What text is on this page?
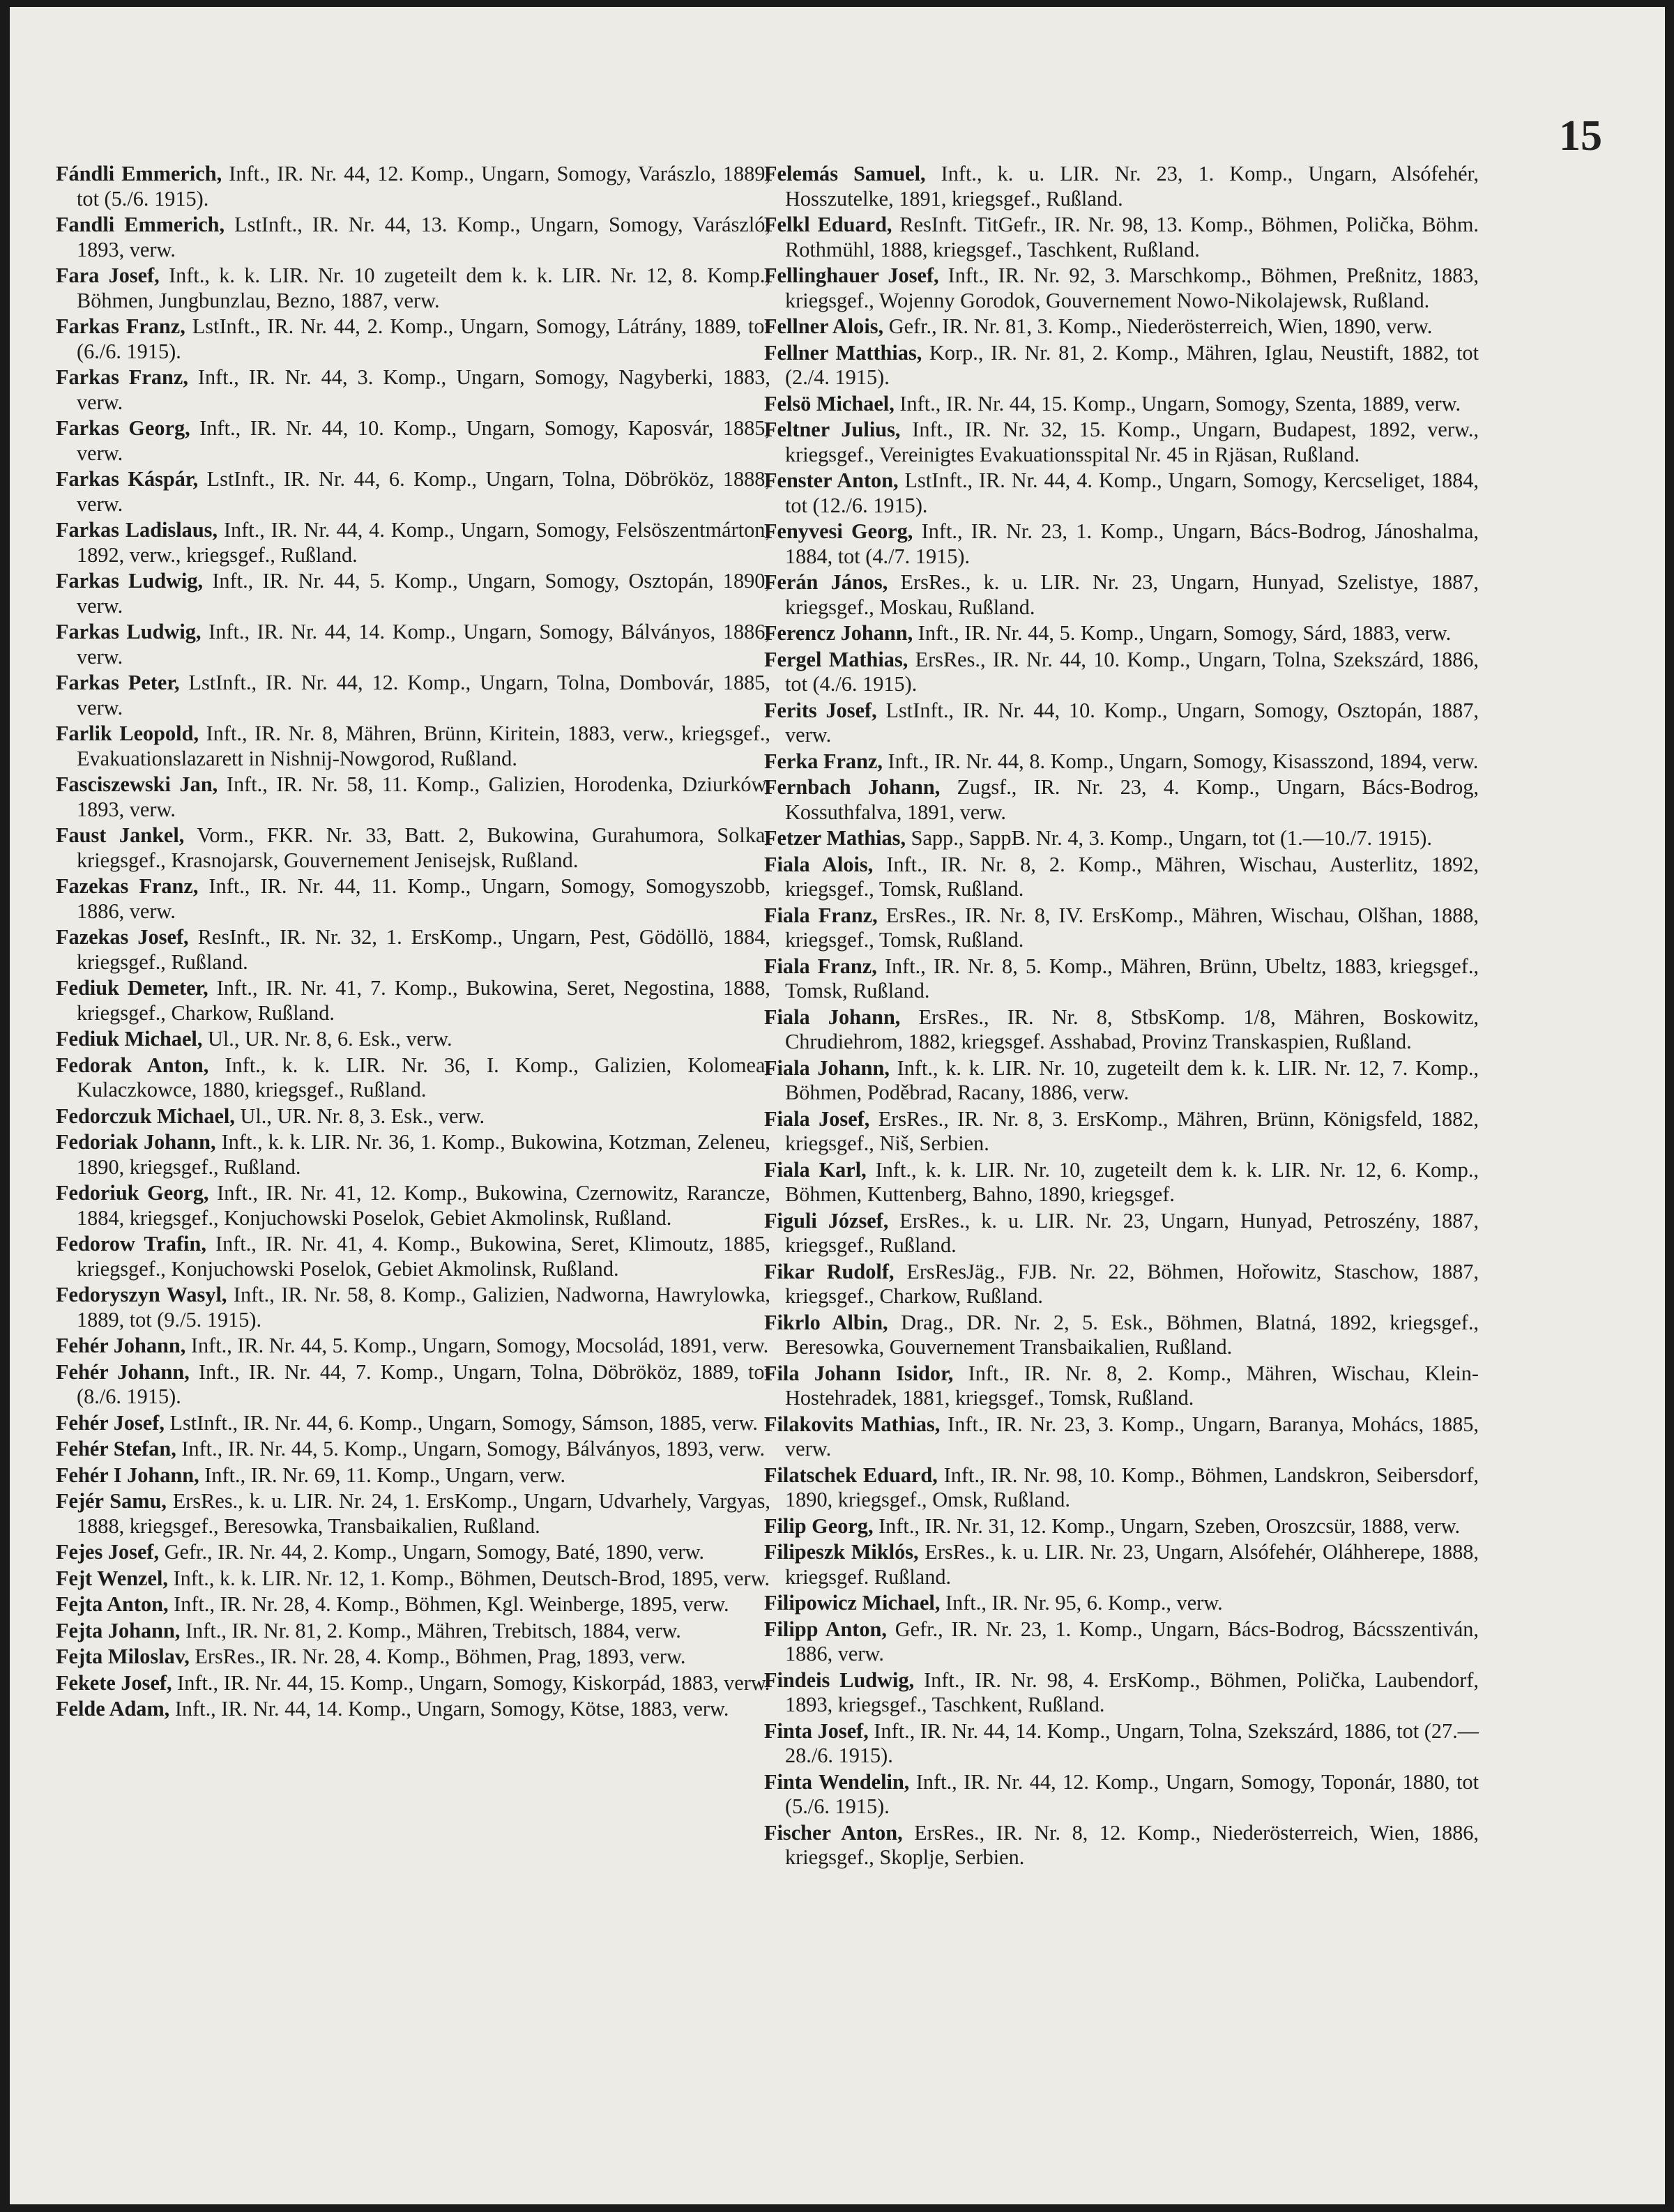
15
Fándli Emmerich, Inft., IR. Nr. 44, 12. Komp., Ungarn, Somogy, Varászlo, 1889, tot (5./6. 1915).
Fandli Emmerich, LstInft., IR. Nr. 44, 13. Komp., Ungarn, Somogy, Varászló, 1893, verw.
Fara Josef, Inft., k. k. LIR. Nr. 10 zugeteilt dem k. k. LIR. Nr. 12, 8. Komp., Böhmen, Jungbunzlau, Bezno, 1887, verw.
Farkas Franz, LstInft., IR. Nr. 44, 2. Komp., Ungarn, Somogy, Látrány, 1889, tot (6./6. 1915).
Farkas Franz, Inft., IR. Nr. 44, 3. Komp., Ungarn, Somogy, Nagyberki, 1883, verw.
Farkas Georg, Inft., IR. Nr. 44, 10. Komp., Ungarn, Somogy, Kaposvár, 1885, verw.
Farkas Káspár, LstInft., IR. Nr. 44, 6. Komp., Ungarn, Tolna, Döbrököz, 1888, verw.
Farkas Ladislaus, Inft., IR. Nr. 44, 4. Komp., Ungarn, Somogy, Felsöszentmárton, 1892, verw., kriegsgef., Rußland.
Farkas Ludwig, Inft., IR. Nr. 44, 5. Komp., Ungarn, Somogy, Osztopán, 1890, verw.
Farkas Ludwig, Inft., IR. Nr. 44, 14. Komp., Ungarn, Somogy, Bálványos, 1886, verw.
Farkas Peter, LstInft., IR. Nr. 44, 12. Komp., Ungarn, Tolna, Dombovár, 1885, verw.
Farlik Leopold, Inft., IR. Nr. 8, Mähren, Brünn, Kiritein, 1883, verw., kriegsgef., Evakuationslazarett in Nishnij-Nowgorod, Rußland.
Fasciszewski Jan, Inft., IR. Nr. 58, 11. Komp., Galizien, Horodenka, Dziurków, 1893, verw.
Faust Jankel, Vorm., FKR. Nr. 33, Batt. 2, Bukowina, Gurahumora, Solka, kriegsgef., Krasnojarsk, Gouvernement Jenisejsk, Rußland.
Fazekas Franz, Inft., IR. Nr. 44, 11. Komp., Ungarn, Somogy, Somogyszobb, 1886, verw.
Fazekas Josef, ResInft., IR. Nr. 32, 1. ErsKomp., Ungarn, Pest, Gödöllö, 1884, kriegsgef., Rußland.
Fediuk Demeter, Inft., IR. Nr. 41, 7. Komp., Bukowina, Seret, Negostina, 1888, kriegsgef., Charkow, Rußland.
Fediuk Michael, Ul., UR. Nr. 8, 6. Esk., verw.
Fedorak Anton, Inft., k. k. LIR. Nr. 36, I. Komp., Galizien, Kolomea, Kulaczkowce, 1880, kriegsgef., Rußland.
Fedorczuk Michael, Ul., UR. Nr. 8, 3. Esk., verw.
Fedoriak Johann, Inft., k. k. LIR. Nr. 36, 1. Komp., Bukowina, Kotzman, Zeleneu, 1890, kriegsgef., Rußland.
Fedoriuk Georg, Inft., IR. Nr. 41, 12. Komp., Bukowina, Czernowitz, Rarancze, 1884, kriegsgef., Konjuchowski Poselok, Gebiet Akmolinsk, Rußland.
Fedorow Trafin, Inft., IR. Nr. 41, 4. Komp., Bukowina, Seret, Klimoutz, 1885, kriegsgef., Konjuchowski Poselok, Gebiet Akmolinsk, Rußland.
Fedoryszyn Wasyl, Inft., IR. Nr. 58, 8. Komp., Galizien, Nadworna, Hawrylowka, 1889, tot (9./5. 1915).
Fehér Johann, Inft., IR. Nr. 44, 5. Komp., Ungarn, Somogy, Mocsolád, 1891, verw.
Fehér Johann, Inft., IR. Nr. 44, 7. Komp., Ungarn, Tolna, Döbrököz, 1889, tot (8./6. 1915).
Fehér Josef, LstInft., IR. Nr. 44, 6. Komp., Ungarn, Somogy, Sámson, 1885, verw.
Fehér Stefan, Inft., IR. Nr. 44, 5. Komp., Ungarn, Somogy, Bálványos, 1893, verw.
Fehér I Johann, Inft., IR. Nr. 69, 11. Komp., Ungarn, verw.
Fejér Samu, ErsRes., k. u. LIR. Nr. 24, 1. ErsKomp., Ungarn, Udvarhely, Vargyas, 1888, kriegsgef., Beresowka, Transbaikalien, Rußland.
Fejes Josef, Gefr., IR. Nr. 44, 2. Komp., Ungarn, Somogy, Baté, 1890, verw.
Fejt Wenzel, Inft., k. k. LIR. Nr. 12, 1. Komp., Böhmen, Deutsch-Brod, 1895, verw.
Fejta Anton, Inft., IR. Nr. 28, 4. Komp., Böhmen, Kgl. Weinberge, 1895, verw.
Fejta Johann, Inft., IR. Nr. 81, 2. Komp., Mähren, Trebitsch, 1884, verw.
Fejta Miloslav, ErsRes., IR. Nr. 28, 4. Komp., Böhmen, Prag, 1893, verw.
Fekete Josef, Inft., IR. Nr. 44, 15. Komp., Ungarn, Somogy, Kiskorpád, 1883, verw.
Felde Adam, Inft., IR. Nr. 44, 14. Komp., Ungarn, Somogy, Kötse, 1883, verw.
Felemás Samuel, Inft., k. u. LIR. Nr. 23, 1. Komp., Ungarn, Alsófehér, Hosszutelke, 1891, kriegsgef., Rußland.
Felkl Eduard, ResInft. TitGefr., IR. Nr. 98, 13. Komp., Böhmen, Polička, Böhm. Rothmühl, 1888, kriegsgef., Taschkent, Rußland.
Fellinghauer Josef, Inft., IR. Nr. 92, 3. Marschkomp., Böhmen, Preßnitz, 1883, kriegsgef., Wojenny Gorodok, Gouvernement Nowo-Nikolajewsk, Rußland.
Fellner Alois, Gefr., IR. Nr. 81, 3. Komp., Niederösterreich, Wien, 1890, verw.
Fellner Matthias, Korp., IR. Nr. 81, 2. Komp., Mähren, Iglau, Neustift, 1882, tot (2./4. 1915).
Felsö Michael, Inft., IR. Nr. 44, 15. Komp., Ungarn, Somogy, Szenta, 1889, verw.
Feltner Julius, Inft., IR. Nr. 32, 15. Komp., Ungarn, Budapest, 1892, verw., kriegsgef., Vereinigtes Evakuationsspital Nr. 45 in Rjäsan, Rußland.
Fenster Anton, LstInft., IR. Nr. 44, 4. Komp., Ungarn, Somogy, Kercseliget, 1884, tot (12./6. 1915).
Fenyvesi Georg, Inft., IR. Nr. 23, 1. Komp., Ungarn, Bács-Bodrog, Jánoshalma, 1884, tot (4./7. 1915).
Ferán János, ErsRes., k. u. LIR. Nr. 23, Ungarn, Hunyad, Szelistye, 1887, kriegsgef., Moskau, Rußland.
Ferencz Johann, Inft., IR. Nr. 44, 5. Komp., Ungarn, Somogy, Sárd, 1883, verw.
Fergel Mathias, ErsRes., IR. Nr. 44, 10. Komp., Ungarn, Tolna, Szekszárd, 1886, tot (4./6. 1915).
Ferits Josef, LstInft., IR. Nr. 44, 10. Komp., Ungarn, Somogy, Osztopán, 1887, verw.
Ferka Franz, Inft., IR. Nr. 44, 8. Komp., Ungarn, Somogy, Kisasszond, 1894, verw.
Fernbach Johann, Zugsf., IR. Nr. 23, 4. Komp., Ungarn, Bács-Bodrog, Kossuthfalva, 1891, verw.
Fetzer Mathias, Sapp., SappB. Nr. 4, 3. Komp., Ungarn, tot (1.—10./7. 1915).
Fiala Alois, Inft., IR. Nr. 8, 2. Komp., Mähren, Wischau, Austerlitz, 1892, kriegsgef., Tomsk, Rußland.
Fiala Franz, ErsRes., IR. Nr. 8, IV. ErsKomp., Mähren, Wischau, Olšhan, 1888, kriegsgef., Tomsk, Rußland.
Fiala Franz, Inft., IR. Nr. 8, 5. Komp., Mähren, Brünn, Ubeltz, 1883, kriegsgef., Tomsk, Rußland.
Fiala Johann, ErsRes., IR. Nr. 8, StbsKomp. 1/8, Mähren, Boskowitz, Chrudiehrom, 1882, kriegsgef. Asshabad, Provinz Transkaspien, Rußland.
Fiala Johann, Inft., k. k. LIR. Nr. 10, zugeteilt dem k. k. LIR. Nr. 12, 7. Komp., Böhmen, Poděbrad, Racany, 1886, verw.
Fiala Josef, ErsRes., IR. Nr. 8, 3. ErsKomp., Mähren, Brünn, Königsfeld, 1882, kriegsgef., Niš, Serbien.
Fiala Karl, Inft., k. k. LIR. Nr. 10, zugeteilt dem k. k. LIR. Nr. 12, 6. Komp., Böhmen, Kuttenberg, Bahno, 1890, kriegsgef.
Figuli József, ErsRes., k. u. LIR. Nr. 23, Ungarn, Hunyad, Petroszény, 1887, kriegsgef., Rußland.
Fikar Rudolf, ErsResJäg., FJB. Nr. 22, Böhmen, Hořowitz, Staschow, 1887, kriegsgef., Charkow, Rußland.
Fikrlo Albin, Drag., DR. Nr. 2, 5. Esk., Böhmen, Blatná, 1892, kriegsgef., Beresowka, Gouvernement Transbaikalien, Rußland.
Fila Johann Isidor, Inft., IR. Nr. 8, 2. Komp., Mähren, Wischau, Klein-Hostehradek, 1881, kriegsgef., Tomsk, Rußland.
Filakovits Mathias, Inft., IR. Nr. 23, 3. Komp., Ungarn, Baranya, Mohács, 1885, verw.
Filatschek Eduard, Inft., IR. Nr. 98, 10. Komp., Böhmen, Landskron, Seibersdorf, 1890, kriegsgef., Omsk, Rußland.
Filip Georg, Inft., IR. Nr. 31, 12. Komp., Ungarn, Szeben, Oroszcsür, 1888, verw.
Filipeszk Miklós, ErsRes., k. u. LIR. Nr. 23, Ungarn, Alsófehér, Oláhherepe, 1888, kriegsgef. Rußland.
Filipowicz Michael, Inft., IR. Nr. 95, 6. Komp., verw.
Filipp Anton, Gefr., IR. Nr. 23, 1. Komp., Ungarn, Bács-Bodrog, Bácsszentiván, 1886, verw.
Findeis Ludwig, Inft., IR. Nr. 98, 4. ErsKomp., Böhmen, Polička, Laubendorf, 1893, kriegsgef., Taschkent, Rußland.
Finta Josef, Inft., IR. Nr. 44, 14. Komp., Ungarn, Tolna, Szekszárd, 1886, tot (27.—28./6. 1915).
Finta Wendelin, Inft., IR. Nr. 44, 12. Komp., Ungarn, Somogy, Toponár, 1880, tot (5./6. 1915).
Fischer Anton, ErsRes., IR. Nr. 8, 12. Komp., Niederösterreich, Wien, 1886, kriegsgef., Skoplje, Serbien.
